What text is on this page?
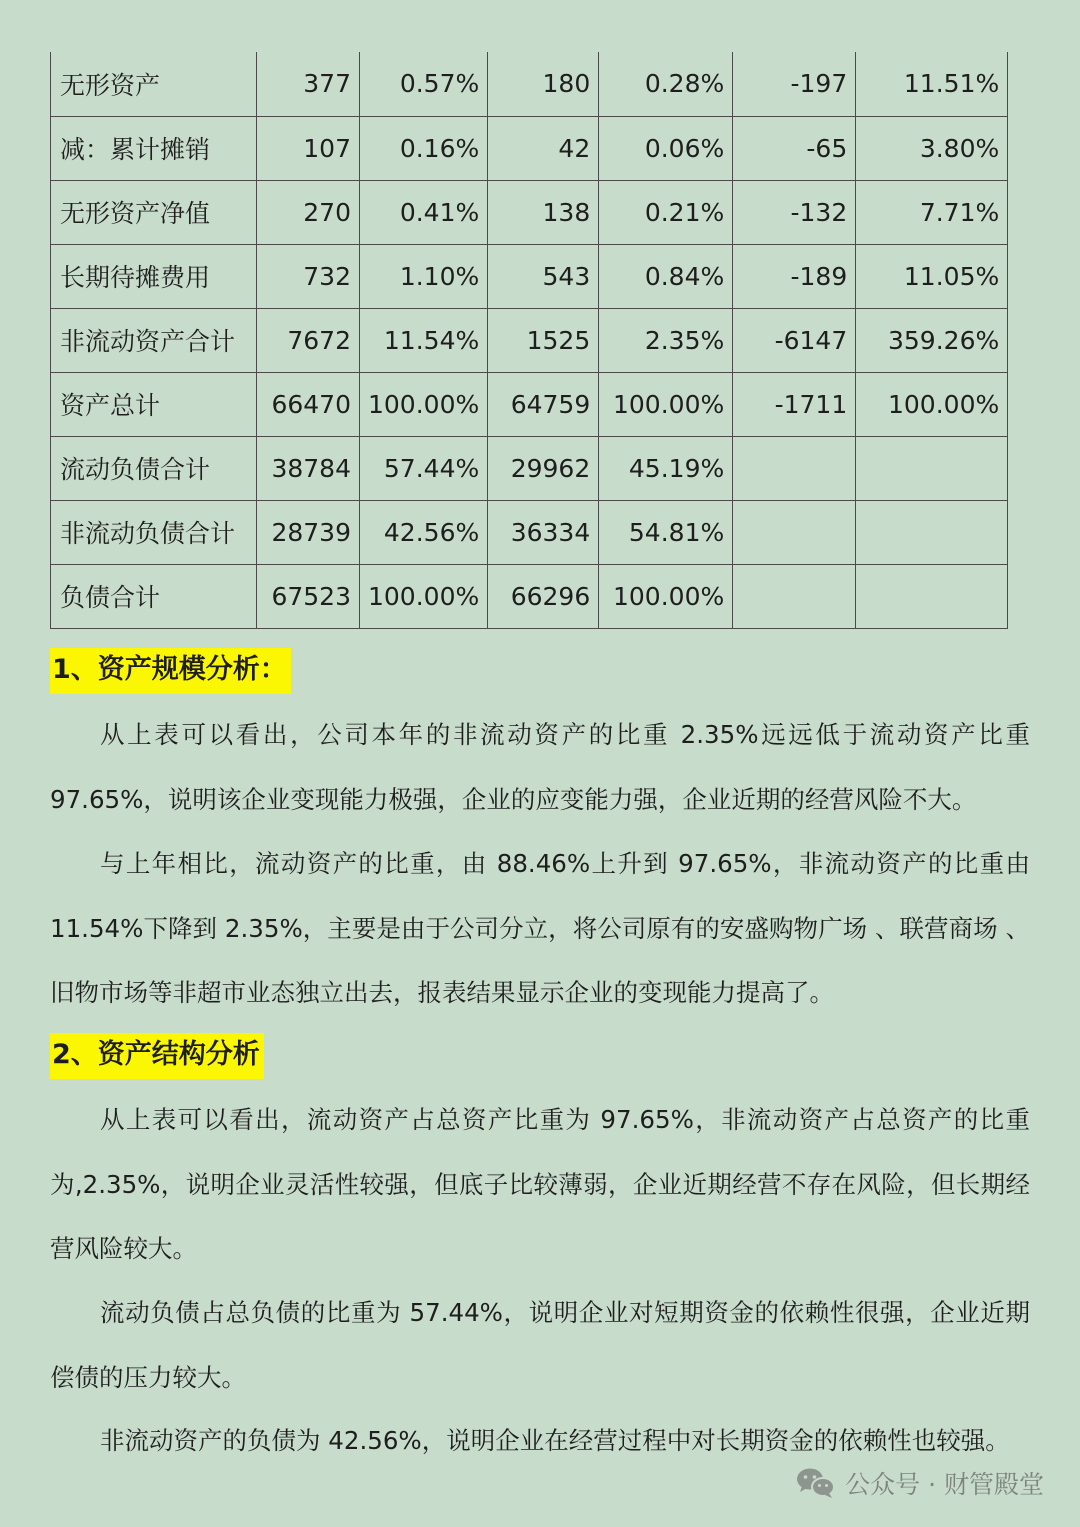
无形资产	377	0.57%	180	0.28%	-197	11.51%
减：累计摊销	107	0.16%	42	0.06%	-65	3.80%
无形资产净值	270	0.41%	138	0.21%	-132	7.71%
长期待摊费用	732	1.10%	543	0.84%	-189	11.05%
非流动资产合计	7672	11.54%	1525	2.35%	-6147	359.26%
资产总计	66470	100.00%	64759	100.00%	-1711	100.00%
流动负债合计	38784	57.44%	29962	45.19%		
非流动负债合计	28739	42.56%	36334	54.81%		
负债合计	67523	100.00%	66296	100.00%		
1、资产规模分析：

从上表可以看出，公司本年的非流动资产的比重 2.35%远远低于流动资产比重 97.65%，说明该企业变现能力极强，企业的应变能力强，企业近期的经营风险不大。

与上年相比，流动资产的比重，由 88.46%上升到 97.65%，非流动资产的比重由 11.54%下降到 2.35%，主要是由于公司分立，将公司原有的安盛购物广场 、联营商场 、旧物市场等非超市业态独立出去，报表结果显示企业的变现能力提高了。

2、资产结构分析

从上表可以看出，流动资产占总资产比重为 97.65%，非流动资产占总资产的比重为,2.35%，说明企业灵活性较强，但底子比较薄弱，企业近期经营不存在风险，但长期经营风险较大。

流动负债占总负债的比重为 57.44%，说明企业对短期资金的依赖性很强，企业近期偿债的压力较大。

非流动资产的负债为 42.56%，说明企业在经营过程中对长期资金的依赖性也较强。

公众号 · 财管殿堂
